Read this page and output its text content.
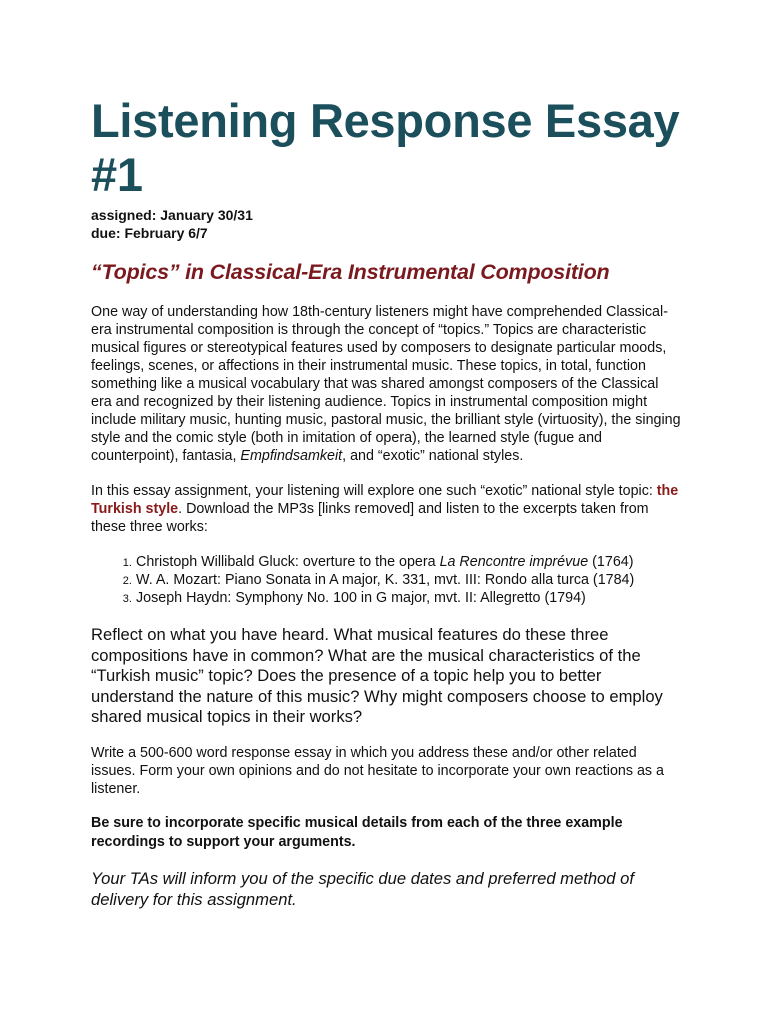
Listening Response Essay #1
assigned: January 30/31
due: February 6/7
“Topics” in Classical-Era Instrumental Composition

One way of understanding how 18th-century listeners might have comprehended Classical-era instrumental composition is through the concept of “topics.” Topics are characteristic musical figures or stereotypical features used by composers to designate particular moods, feelings, scenes, or affections in their instrumental music. These topics, in total, function something like a musical vocabulary that was shared amongst composers of the Classical era and recognized by their listening audience. Topics in instrumental composition might include military music, hunting music, pastoral music, the brilliant style (virtuosity), the singing style and the comic style (both in imitation of opera), the learned style (fugue and counterpoint), fantasia, Empfindsamkeit, and “exotic” national styles.

In this essay assignment, your listening will explore one such “exotic” national style topic: the Turkish style. Download the MP3s [links removed] and listen to the excerpts taken from these three works:

1. Christoph Willibald Gluck: overture to the opera La Rencontre imprévue (1764)
2. W. A. Mozart: Piano Sonata in A major, K. 331, mvt. III: Rondo alla turca (1784)
3. Joseph Haydn: Symphony No. 100 in G major, mvt. II: Allegretto (1794)

Reflect on what you have heard. What musical features do these three compositions have in common? What are the musical characteristics of the “Turkish music” topic? Does the presence of a topic help you to better understand the nature of this music? Why might composers choose to employ shared musical topics in their works?

Write a 500-600 word response essay in which you address these and/or other related issues. Form your own opinions and do not hesitate to incorporate your own reactions as a listener.

Be sure to incorporate specific musical details from each of the three example recordings to support your arguments.

Your TAs will inform you of the specific due dates and preferred method of delivery for this assignment.
